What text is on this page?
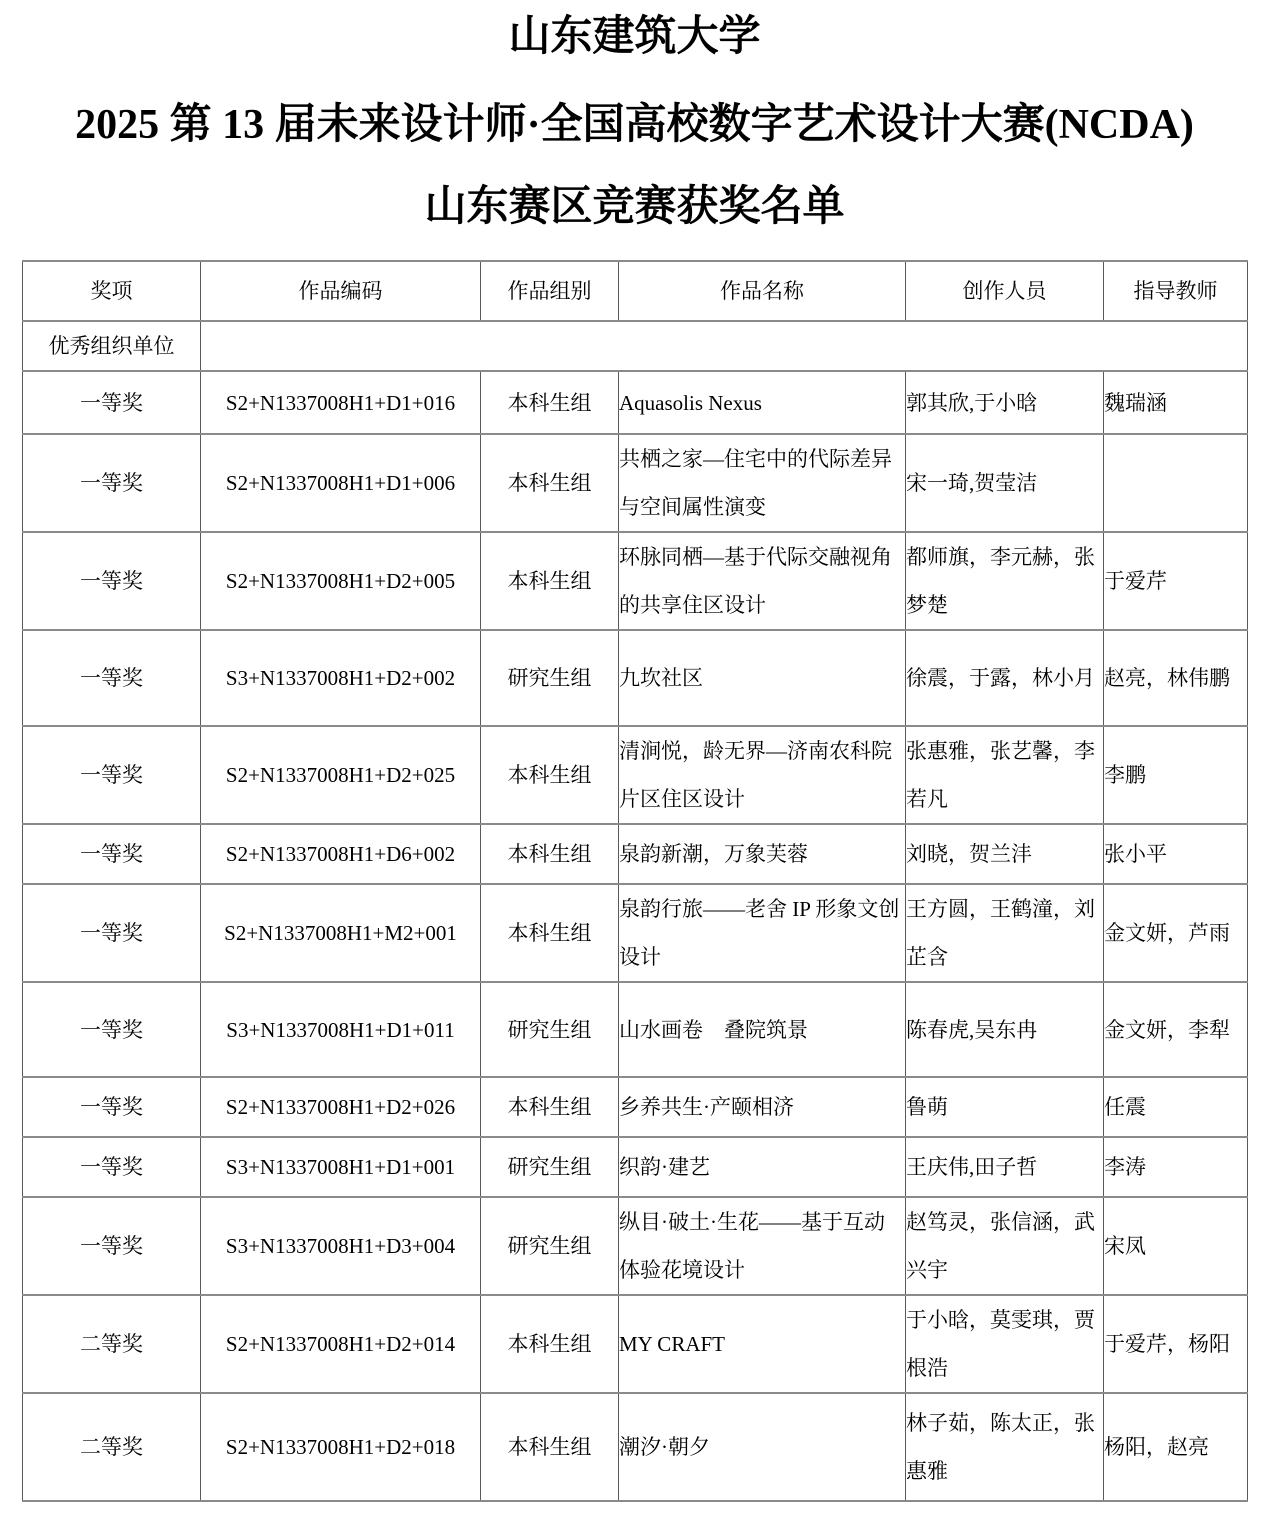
山东建筑大学
2025 第 13 届未来设计师·全国高校数字艺术设计大赛(NCDA)
山东赛区竞赛获奖名单
奖项	作品编码	作品组别	作品名称	创作人员	指导教师
优秀组织单位					
一等奖	S2+N1337008H1+D1+016	本科生组	Aquasolis Nexus	郭其欣,于小晗	魏瑞涵
一等奖	S2+N1337008H1+D1+006	本科生组	共栖之家—住宅中的代际差异与空间属性演变	宋一琦,贺莹洁	
一等奖	S2+N1337008H1+D2+005	本科生组	环脉同栖—基于代际交融视角的共享住区设计	都师旗，李元赫，张梦楚	于爱芹
一等奖	S3+N1337008H1+D2+002	研究生组	九坎社区	徐震，于露，林小月	赵亮，林伟鹏
一等奖	S2+N1337008H1+D2+025	本科生组	清涧悦，龄无界—济南农科院片区住区设计	张惠雅，张艺馨，李若凡	李鹏
一等奖	S2+N1337008H1+D6+002	本科生组	泉韵新潮，万象芙蓉	刘晓，贺兰沣	张小平
一等奖	S2+N1337008H1+M2+001	本科生组	泉韵行旅——老舍 IP 形象文创设计	王方圆，王鹤潼，刘芷含	金文妍，芦雨
一等奖	S3+N1337008H1+D1+011	研究生组	山水画卷　叠院筑景	陈春虎,吴东冉	金文妍，李犁
一等奖	S2+N1337008H1+D2+026	本科生组	乡养共生·产颐相济	鲁萌	任震
一等奖	S3+N1337008H1+D1+001	研究生组	织韵·建艺	王庆伟,田子哲	李涛
一等奖	S3+N1337008H1+D3+004	研究生组	纵目·破土·生花——基于互动体验花境设计	赵笃灵，张信涵，武兴宇	宋凤
二等奖	S2+N1337008H1+D2+014	本科生组	MY CRAFT	于小晗，莫雯琪，贾根浩	于爱芹，杨阳
二等奖	S2+N1337008H1+D2+018	本科生组	潮汐·朝夕	林子茹，陈太正，张惠雅	杨阳，赵亮
